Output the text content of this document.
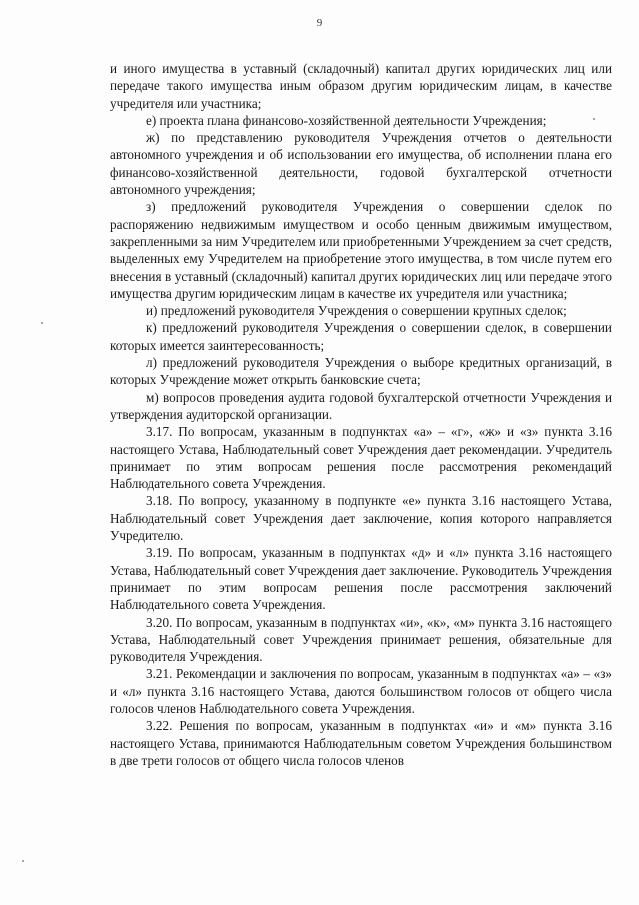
9

и иного имущества в уставный (складочный) капитал других юридических лиц или передаче такого имущества иным образом другим юридическим лицам, в качестве учредителя или участника;

е) проекта плана финансово-хозяйственной деятельности Учреждения;

ж) по представлению руководителя Учреждения отчетов о деятельности автономного учреждения и об использовании его имущества, об исполнении плана его финансово-хозяйственной деятельности, годовой бухгалтерской отчетности автономного учреждения;

з) предложений руководителя Учреждения о совершении сделок по распоряжению недвижимым имуществом и особо ценным движимым имуществом, закрепленными за ним Учредителем или приобретенными Учреждением за счет средств, выделенных ему Учредителем на приобретение этого имущества, в том числе путем его внесения в уставный (складочный) капитал других юридических лиц или передаче этого имущества другим юридическим лицам в качестве их учредителя или участника;

и) предложений руководителя Учреждения о совершении крупных сделок;

к) предложений руководителя Учреждения о совершении сделок, в совершении которых имеется заинтересованность;

л) предложений руководителя Учреждения о выборе кредитных организаций, в которых Учреждение может открыть банковские счета;

м) вопросов проведения аудита годовой бухгалтерской отчетности Учреждения и утверждения аудиторской организации.

3.17. По вопросам, указанным в подпунктах «а» – «г», «ж» и «з» пункта 3.16 настоящего Устава, Наблюдательный совет Учреждения дает рекомендации. Учредитель принимает по этим вопросам решения после рассмотрения рекомендаций Наблюдательного совета Учреждения.

3.18. По вопросу, указанному в подпункте «е» пункта 3.16 настоящего Устава, Наблюдательный совет Учреждения дает заключение, копия которого направляется Учредителю.

3.19. По вопросам, указанным в подпунктах «д» и «л» пункта 3.16 настоящего Устава, Наблюдательный совет Учреждения дает заключение. Руководитель Учреждения принимает по этим вопросам решения после рассмотрения заключений Наблюдательного совета Учреждения.

3.20. По вопросам, указанным в подпунктах «и», «к», «м» пункта 3.16 настоящего Устава, Наблюдательный совет Учреждения принимает решения, обязательные для руководителя Учреждения.

3.21. Рекомендации и заключения по вопросам, указанным в подпунктах «а» – «з» и «л» пункта 3.16 настоящего Устава, даются большинством голосов от общего числа голосов членов Наблюдательного совета Учреждения.

3.22. Решения по вопросам, указанным в подпунктах «и» и «м» пункта 3.16 настоящего Устава, принимаются Наблюдательным советом Учреждения большинством в две трети голосов от общего числа голосов членов
